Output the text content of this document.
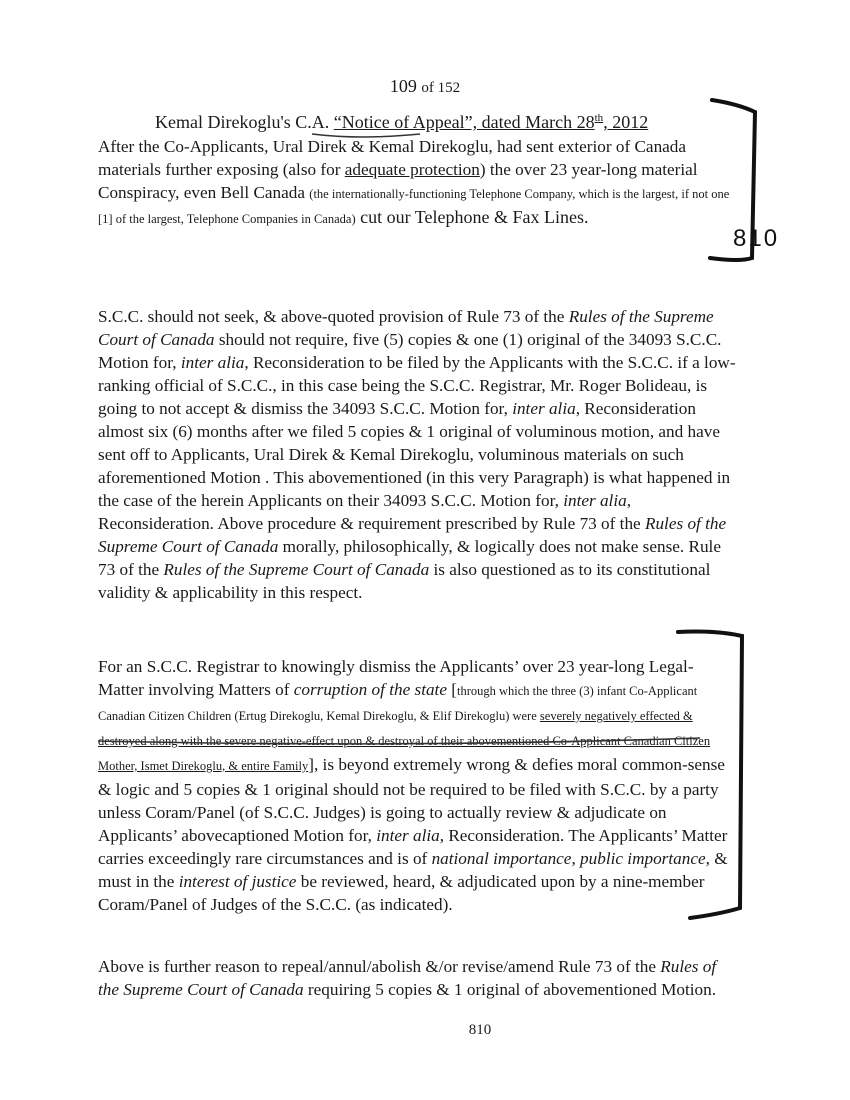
109 of 152
Kemal Direkoglu's C.A. “Notice of Appeal”, dated March 28th, 2012

After the Co-Applicants, Ural Direk & Kemal Direkoglu, had sent exterior of Canada materials further exposing (also for adequate protection) the over 23 year-long material Conspiracy, even Bell Canada (the internationally-functioning Telephone Company, which is the largest, if not one [1] of the largest, Telephone Companies in Canada) cut our Telephone & Fax Lines.

810

S.C.C. should not seek, & above-quoted provision of Rule 73 of the Rules of the Supreme Court of Canada should not require, five (5) copies & one (1) original of the 34093 S.C.C. Motion for, inter alia, Reconsideration to be filed by the Applicants with the S.C.C. if a low-ranking official of S.C.C., in this case being the S.C.C. Registrar, Mr. Roger Bolideau, is going to not accept & dismiss the 34093 S.C.C. Motion for, inter alia, Reconsideration almost six (6) months after we filed 5 copies & 1 original of voluminous motion, and have sent off to Applicants, Ural Direk & Kemal Direkoglu, voluminous materials on such aforementioned Motion . This abovementioned (in this very Paragraph) is what happened in the case of the herein Applicants on their 34093 S.C.C. Motion for, inter alia, Reconsideration. Above procedure & requirement prescribed by Rule 73 of the Rules of the Supreme Court of Canada morally, philosophically, & logically does not make sense. Rule 73 of the Rules of the Supreme Court of Canada is also questioned as to its constitutional validity & applicability in this respect.

For an S.C.C. Registrar to knowingly dismiss the Applicants’ over 23 year-long Legal-Matter involving Matters of corruption of the state [through which the three (3) infant Co-Applicant Canadian Citizen Children (Ertug Direkoglu, Kemal Direkoglu, & Elif Direkoglu) were severely negatively effected & destroyed along with the severe negative-effect upon & destroyal of their abovementioned Co-Applicant Canadian Citizen Mother, Ismet Direkoglu, & entire Family], is beyond extremely wrong & defies moral common-sense & logic and 5 copies & 1 original should not be required to be filed with S.C.C. by a party unless Coram/Panel (of S.C.C. Judges) is going to actually review & adjudicate on Applicants’ abovecaptioned Motion for, inter alia, Reconsideration. The Applicants’ Matter carries exceedingly rare circumstances and is of national importance, public importance, & must in the interest of justice be reviewed, heard, & adjudicated upon by a nine-member Coram/Panel of Judges of the S.C.C. (as indicated).

Above is further reason to repeal/annul/abolish &/or revise/amend Rule 73 of the Rules of the Supreme Court of Canada requiring 5 copies & 1 original of abovementioned Motion.

810
